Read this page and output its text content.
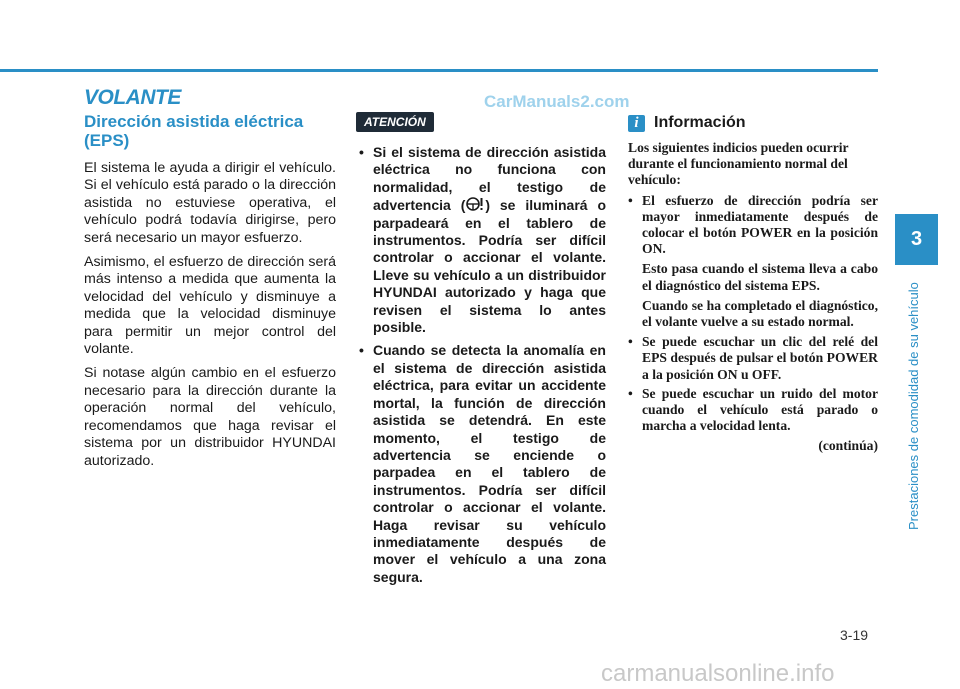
VOLANTE	CarManuals2.com

Dirección asistida eléctrica (EPS)

El sistema le ayuda a dirigir el vehículo. Si el vehículo está parado o la dirección asistida no estuviese operativa, el vehículo podrá todavía dirigirse, pero será necesario un mayor esfuerzo.

Asimismo, el esfuerzo de dirección será más intenso a medida que aumenta la velocidad del vehículo y disminuye a medida que la velocidad disminuye para permitir un mejor control del volante.

Si notase algún cambio en el esfuerzo necesario para la dirección durante la operación normal del vehículo, recomendamos que haga revisar el sistema por un distribuidor HYUNDAI autorizado.

ATENCIÓN
• Si el sistema de dirección asistida eléctrica no funciona con normalidad, el testigo de advertencia ( ) se iluminará o parpadeará en el tablero de instrumentos. Podría ser difícil controlar o accionar el volante. Lleve su vehículo a un distribuidor HYUNDAI autorizado y haga que revisen el sistema lo antes posible.
• Cuando se detecta la anomalía en el sistema de dirección asistida eléctrica, para evitar un accidente mortal, la función de dirección asistida se detendrá. En este momento, el testigo de advertencia se enciende o parpadea en el tablero de instrumentos. Podría ser difícil controlar o accionar el volante. Haga revisar su vehículo inmediatamente después de mover el vehículo a una zona segura.
i Información

Los siguientes indicios pueden ocurrir durante el funcionamiento normal del vehículo:

• El esfuerzo de dirección podría ser mayor inmediatamente después de colocar el botón POWER en la posición ON.

Esto pasa cuando el sistema lleva a cabo el diagnóstico del sistema EPS.

Cuando se ha completado el diagnóstico, el volante vuelve a su estado normal.

• Se puede escuchar un clic del relé del EPS después de pulsar el botón POWER a la posición ON u OFF.
• Se puede escuchar un ruido del motor cuando el vehículo está parado o marcha a velocidad lenta.

(continúa)

3

Prestaciones de comodidad de su vehículo

3-19

carmanualsonline.info
